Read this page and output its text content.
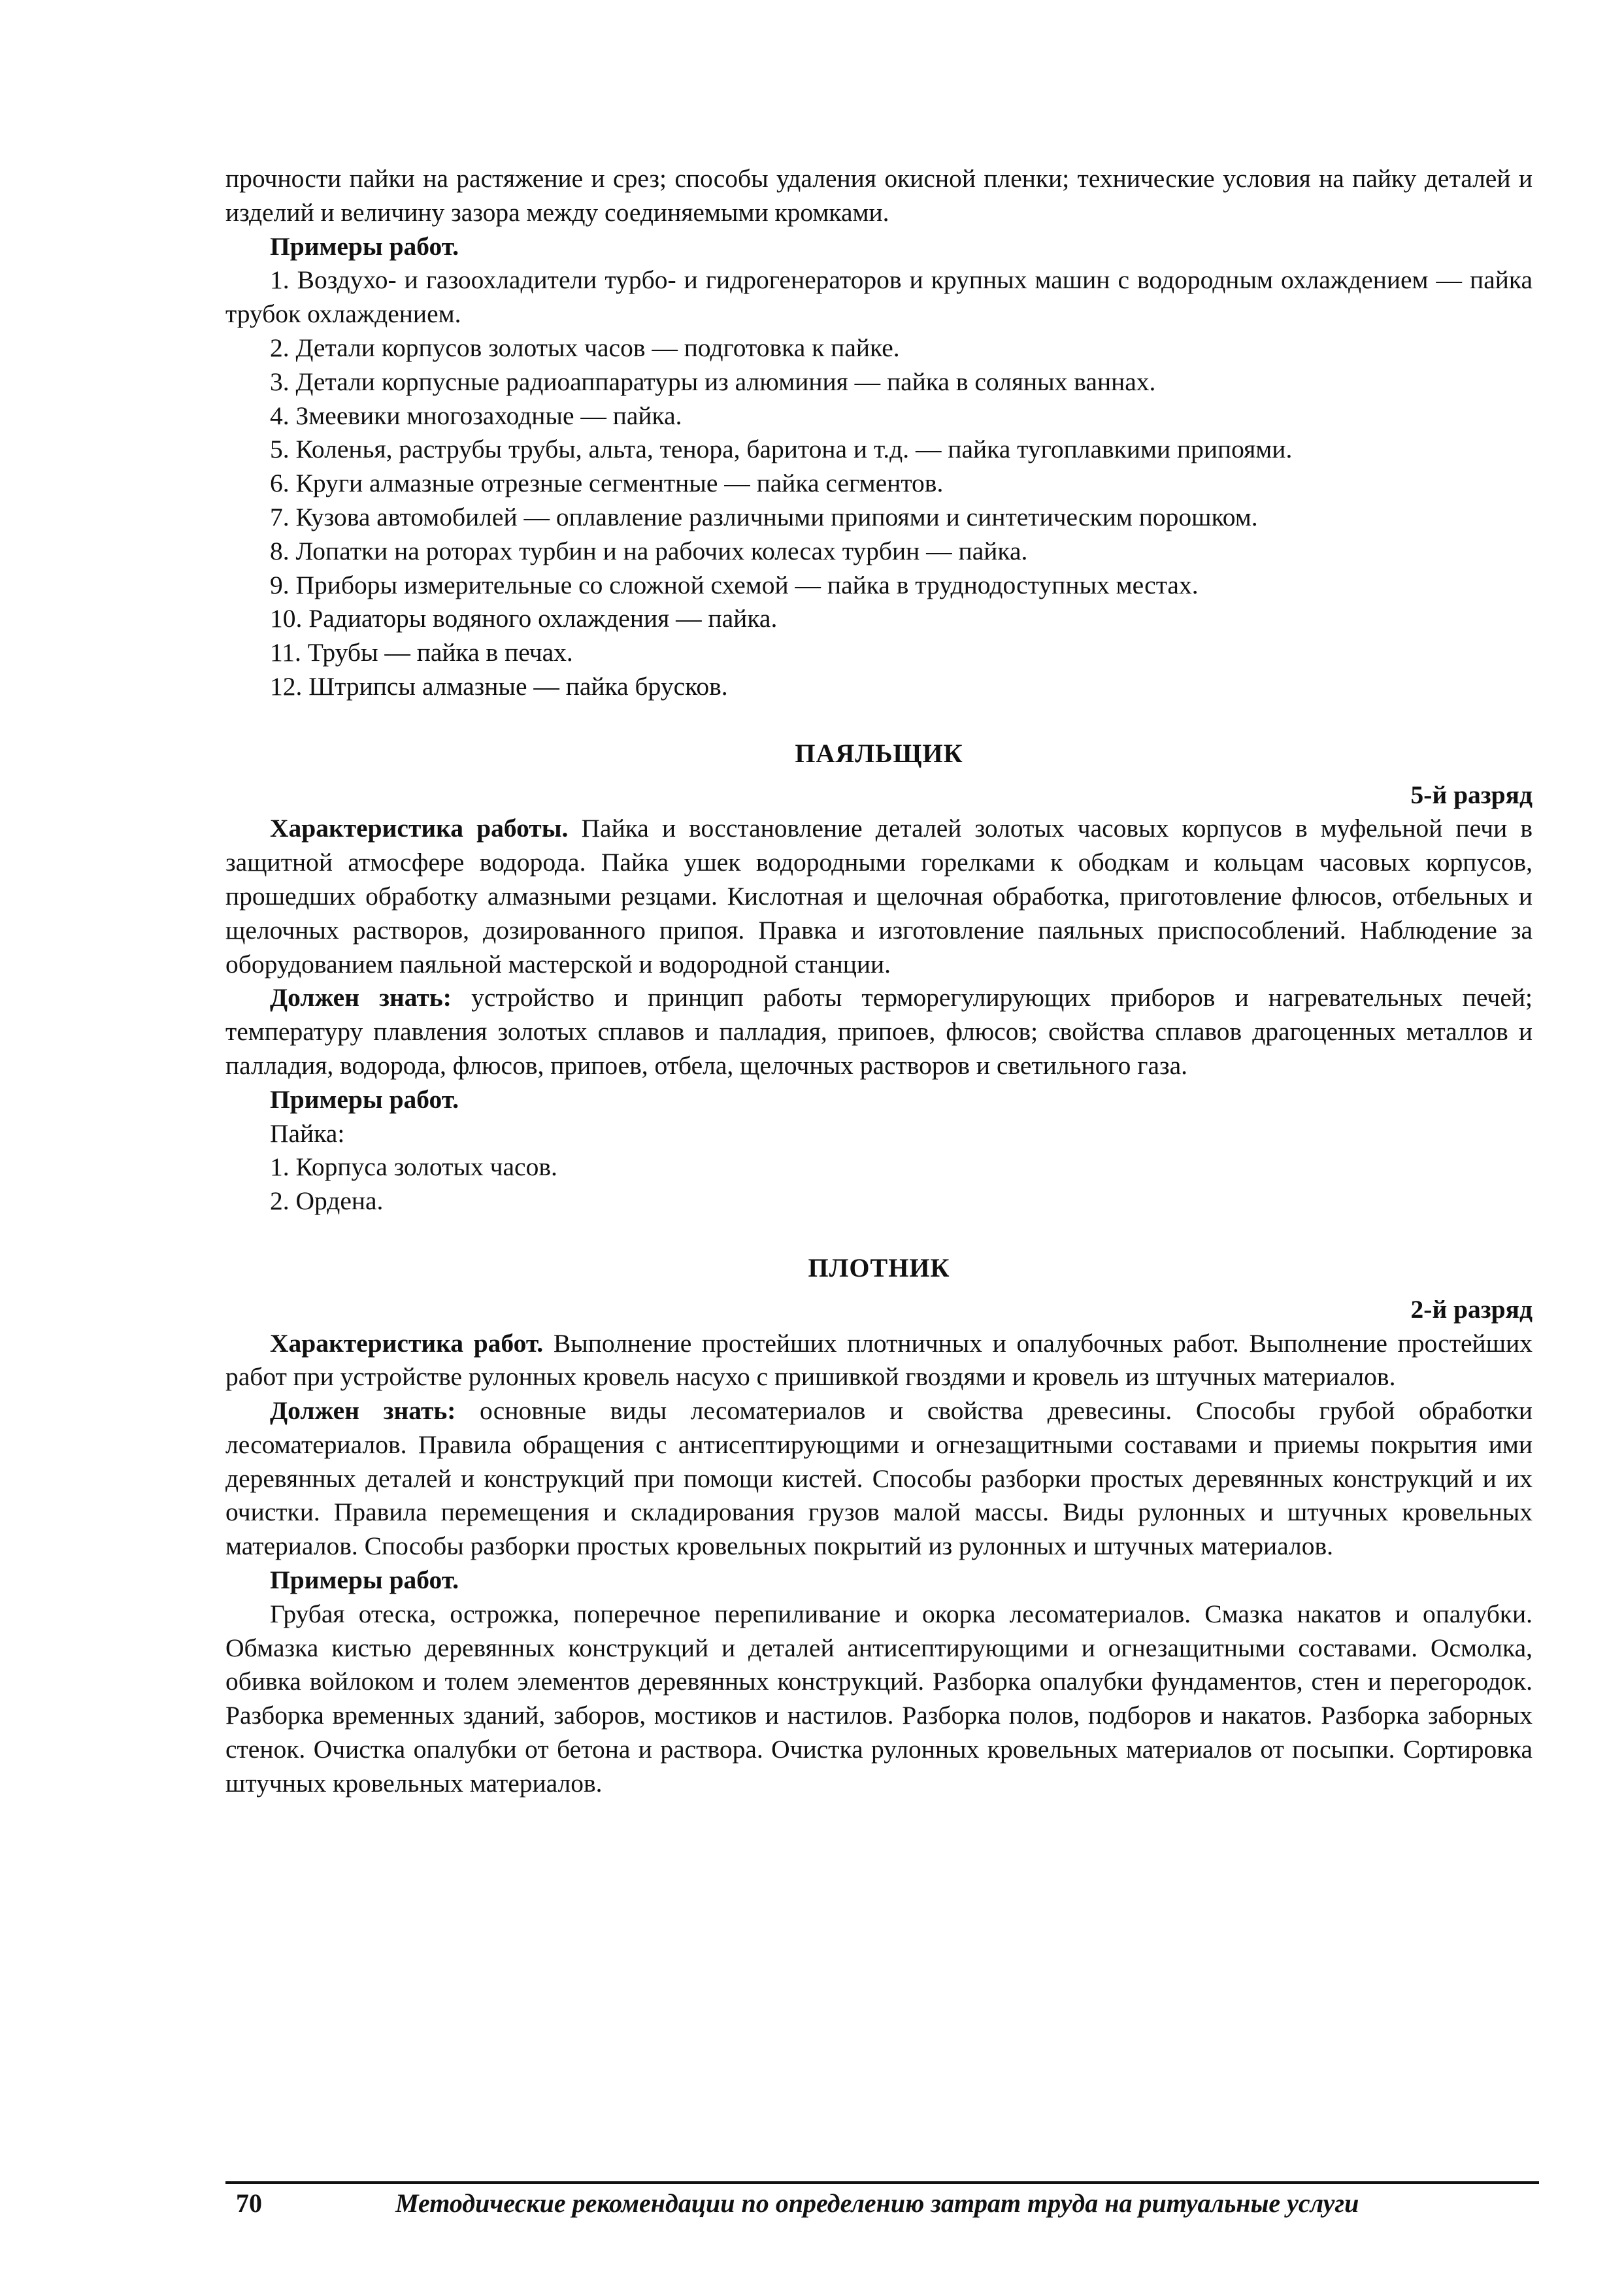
прочности пайки на растяжение и срез; способы удаления окисной пленки; технические условия на пайку деталей и изделий и величину зазора между соединяемыми кромками.

Примеры работ.

1. Воздухо- и газоохладители турбо- и гидрогенераторов и крупных машин с водородным охлаждением — пайка трубок охлаждением.

2. Детали корпусов золотых часов — подготовка к пайке.

3. Детали корпусные радиоаппаратуры из алюминия — пайка в соляных ваннах.

4. Змеевики многозаходные — пайка.

5. Коленья, раструбы трубы, альта, тенора, баритона и т.д. — пайка тугоплавкими припоями.

6. Круги алмазные отрезные сегментные — пайка сегментов.

7. Кузова автомобилей — оплавление различными припоями и синтетическим порошком.

8. Лопатки на роторах турбин и на рабочих колесах турбин — пайка.

9. Приборы измерительные со сложной схемой — пайка в труднодоступных местах.

10. Радиаторы водяного охлаждения — пайка.

11. Трубы — пайка в печах.

12. Штрипсы алмазные — пайка брусков.

ПАЯЛЬЩИК

5-й разряд

Характеристика работы. Пайка и восстановление деталей золотых часовых корпусов в муфельной печи в защитной атмосфере водорода. Пайка ушек водородными горелками к ободкам и кольцам часовых корпусов, прошедших обработку алмазными резцами. Кислотная и щелочная обработка, приготовление флюсов, отбельных и щелочных растворов, дозированного припоя. Правка и изготовление паяльных приспособлений. Наблюдение за оборудованием паяльной мастерской и водородной станции.

Должен знать: устройство и принцип работы терморегулирующих приборов и нагревательных печей; температуру плавления золотых сплавов и палладия, припоев, флюсов; свойства сплавов драгоценных металлов и палладия, водорода, флюсов, припоев, отбела, щелочных растворов и светильного газа.

Примеры работ.

Пайка:

1. Корпуса золотых часов.

2. Ордена.

ПЛОТНИК

2-й разряд

Характеристика работ. Выполнение простейших плотничных и опалубочных работ. Выполнение простейших работ при устройстве рулонных кровель насухо с пришивкой гвоздями и кровель из штучных материалов.

Должен знать: основные виды лесоматериалов и свойства древесины. Способы грубой обработки лесоматериалов. Правила обращения с антисептирующими и огнезащитными составами и приемы покрытия ими деревянных деталей и конструкций при помощи кистей. Способы разборки простых деревянных конструкций и их очистки. Правила перемещения и складирования грузов малой массы. Виды рулонных и штучных кровельных материалов. Способы разборки простых кровельных покрытий из рулонных и штучных материалов.

Примеры работ.

Грубая отеска, острожка, поперечное перепиливание и окорка лесоматериалов. Смазка накатов и опалубки. Обмазка кистью деревянных конструкций и деталей антисептирующими и огнезащитными составами. Осмолка, обивка войлоком и толем элементов деревянных конструкций. Разборка опалубки фундаментов, стен и перегородок. Разборка временных зданий, заборов, мостиков и настилов. Разборка полов, подборов и накатов. Разборка заборных стенок. Очистка опалубки от бетона и раствора. Очистка рулонных кровельных материалов от посыпки. Сортировка штучных кровельных материалов.

70	Методические рекомендации по определению затрат труда на ритуальные услуги
